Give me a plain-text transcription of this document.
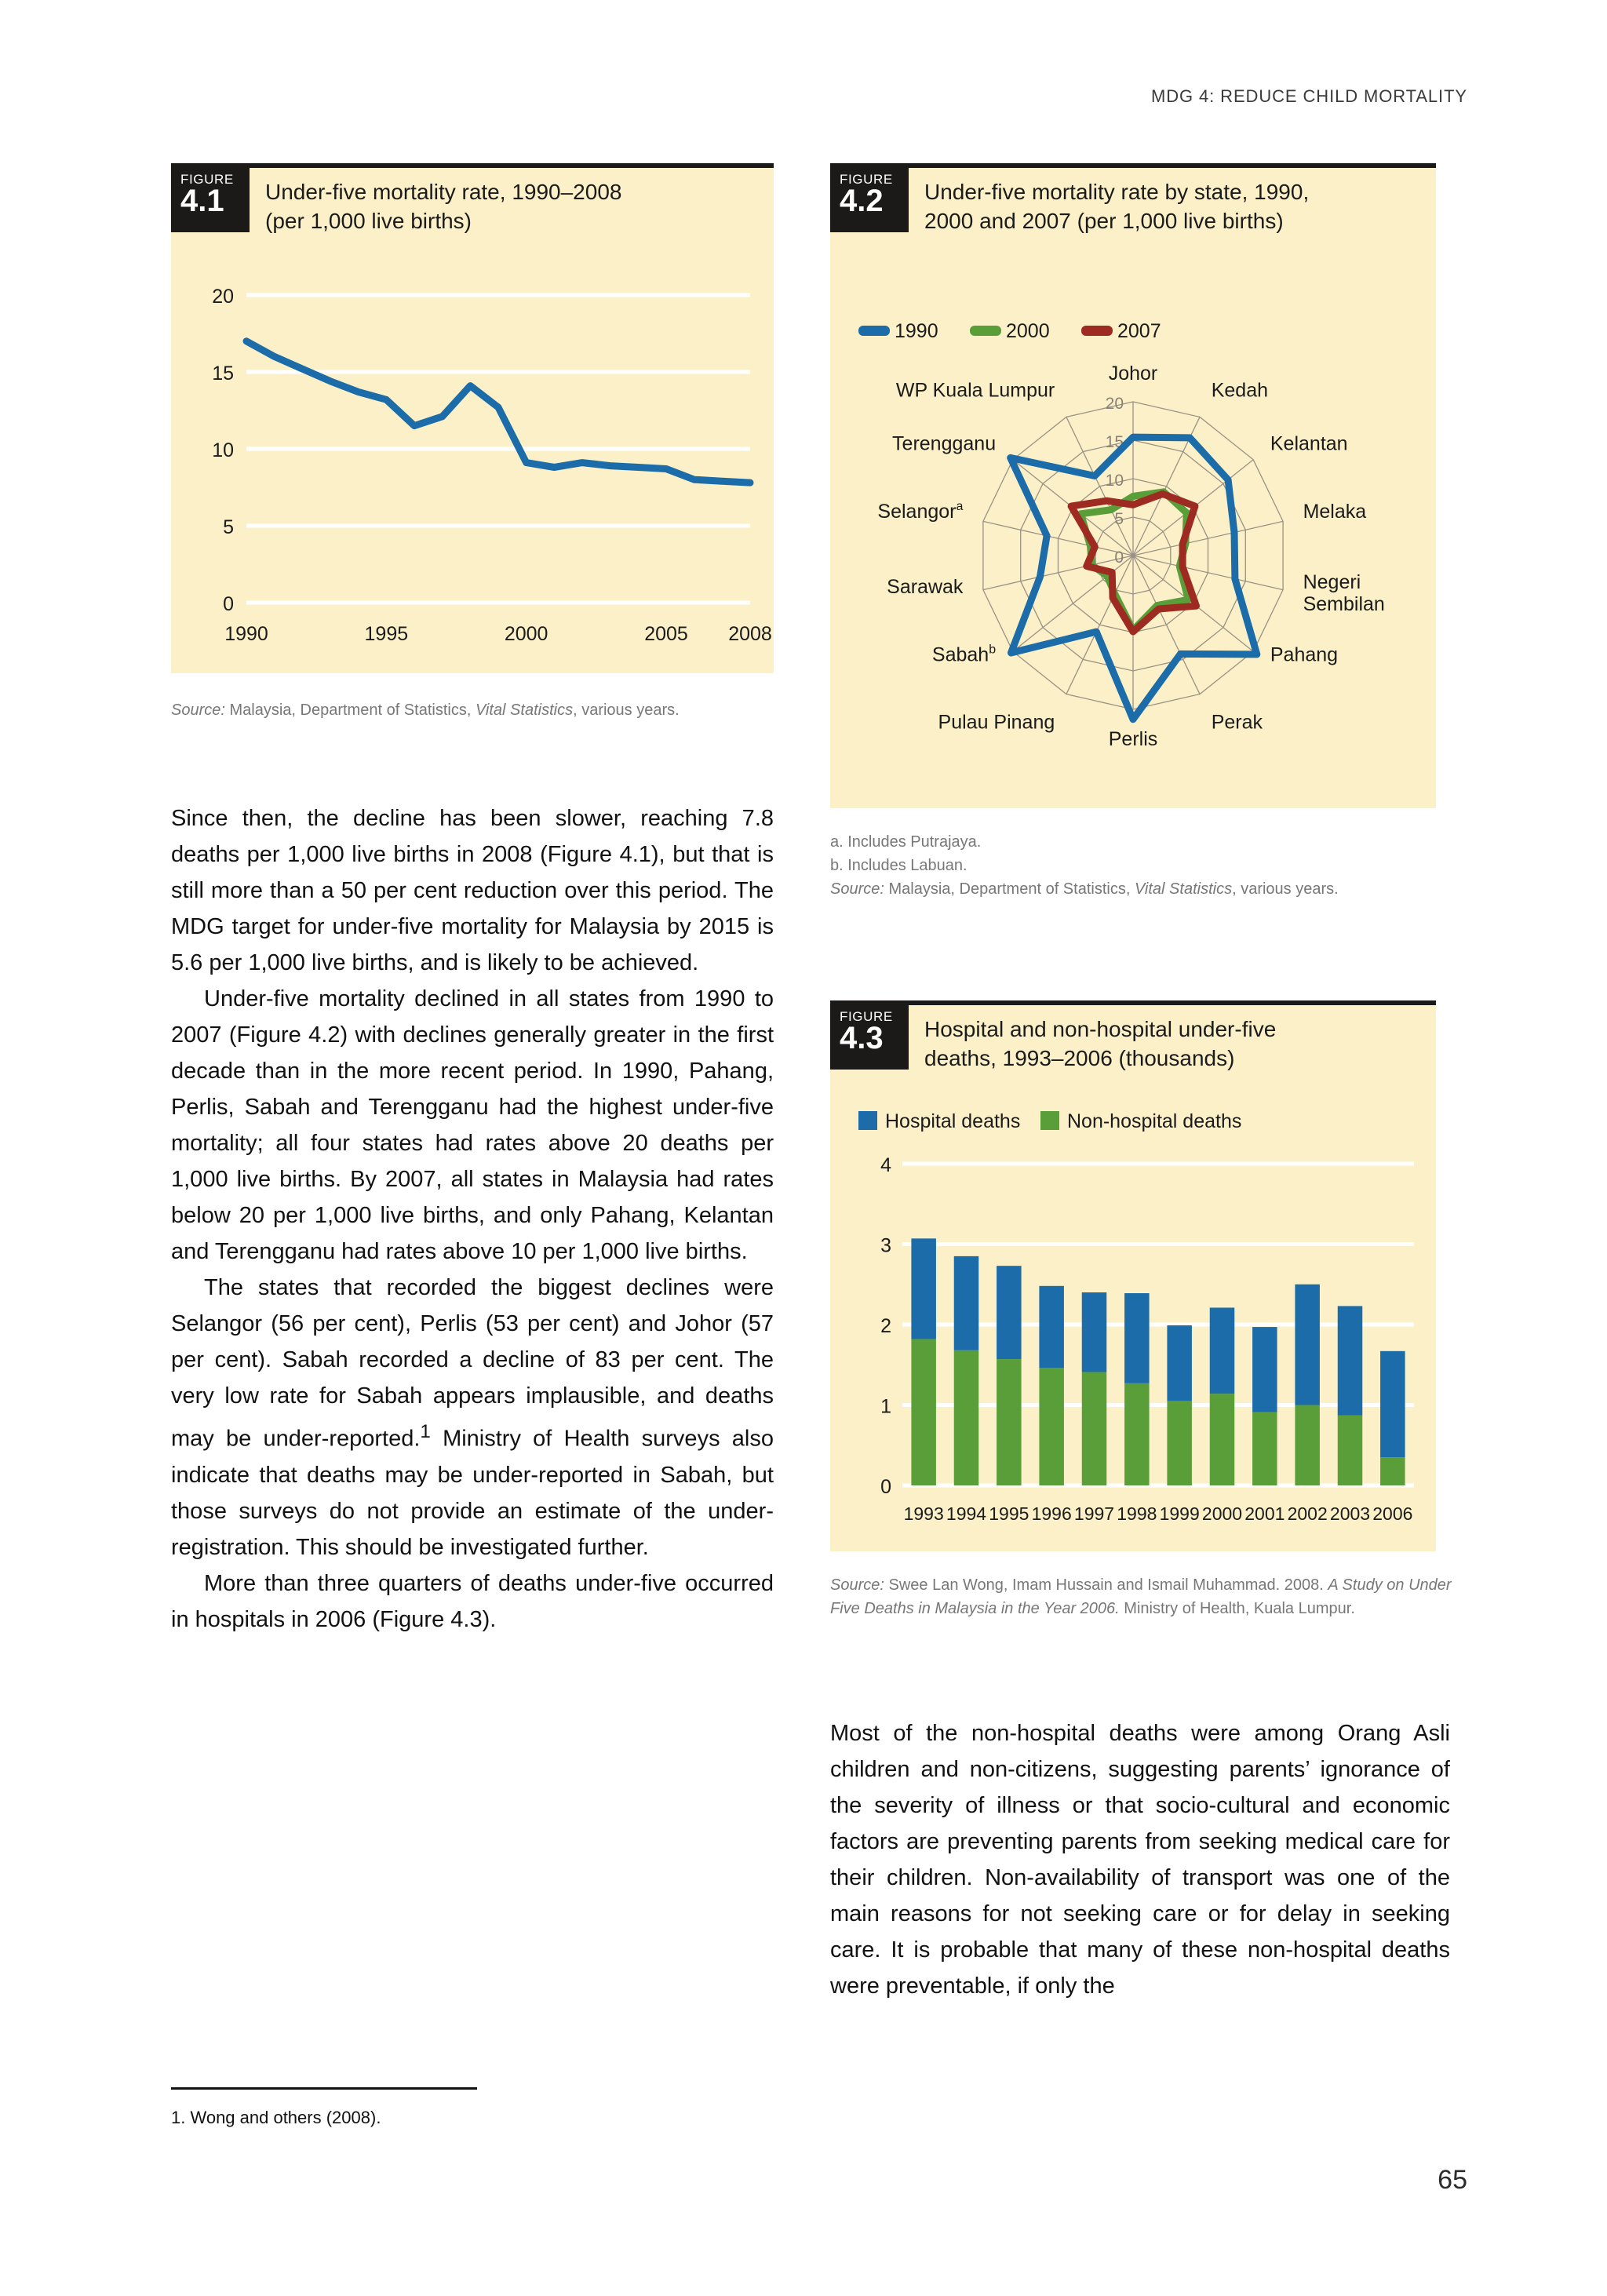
MDG 4: REDUCE CHILD MORTALITY
FIGURE
4.1	Under-five mortality rate, 1990–2008
(per 1,000 live births)
0
5
10
15
20
1990	1995	2000	2005 2008
Source: Malaysia, Department of Statistics, Vital Statistics, various years.
FIGURE
4.2	Under-five mortality rate by state, 1990,
2000 and 2007 (per 1,000 live births)
1990	2000	2007
0
5
10
15
20
Johor
Kedah
Kelantan
Melaka
Negeri
Sembilan
Pahang
Perak
Perlis
Pulau Pinang
Sabah$^b$
Sarawak
Selangor$^a$
Terengganu
WP Kuala Lumpur
a. Includes Putrajaya.
b. Includes Labuan.
Source: Malaysia, Department of Statistics, Vital Statistics, various years.
FIGURE
4.3	Hospital and non-hospital under-five
deaths, 1993–2006 (thousands)
Hospital deaths Non-hospital deaths
0
1
2
3
4
1993 1994 1995 1996 1997 1998 1999 2000 2001 2002 2003 2006
Source: Swee Lan Wong, Imam Hussain and Ismail Muhammad. 2008. A Study on Under Five Deaths in Malaysia in the Year 2006. Ministry of Health, Kuala Lumpur.

Since then, the decline has been slower, reaching 7.8 deaths per 1,000 live births in 2008 (Figure 4.1), but that is still more than a 50 per cent reduction over this period. The MDG target for under-five mortality for Malaysia by 2015 is 5.6 per 1,000 live births, and is likely to be achieved.

Under-five mortality declined in all states from 1990 to 2007 (Figure 4.2) with declines generally greater in the first decade than in the more recent period. In 1990, Pahang, Perlis, Sabah and Terengganu had the highest under-five mortality; all four states had rates above 20 deaths per 1,000 live births. By 2007, all states in Malaysia had rates below 20 per 1,000 live births, and only Pahang, Kelantan and Terengganu had rates above 10 per 1,000 live births.

The states that recorded the biggest declines were Selangor (56 per cent), Perlis (53 per cent) and Johor (57 per cent). Sabah recorded a decline of 83 per cent. The very low rate for Sabah appears implausible, and deaths may be under-reported.$^1$ Ministry of Health surveys also indicate that deaths may be under-reported in Sabah, but those surveys do not provide an estimate of the under-registration. This should be investigated further.

More than three quarters of deaths under-five occurred in hospitals in 2006 (Figure 4.3).

1. Wong and others (2008).

Most of the non-hospital deaths were among Orang Asli children and non-citizens, suggesting parents’ ignorance of the severity of illness or that socio-cultural and economic factors are preventing parents from seeking medical care for their children. Non-availability of transport was one of the main reasons for not seeking care or for delay in seeking care. It is probable that many of these non-hospital deaths were preventable, if only the

65
